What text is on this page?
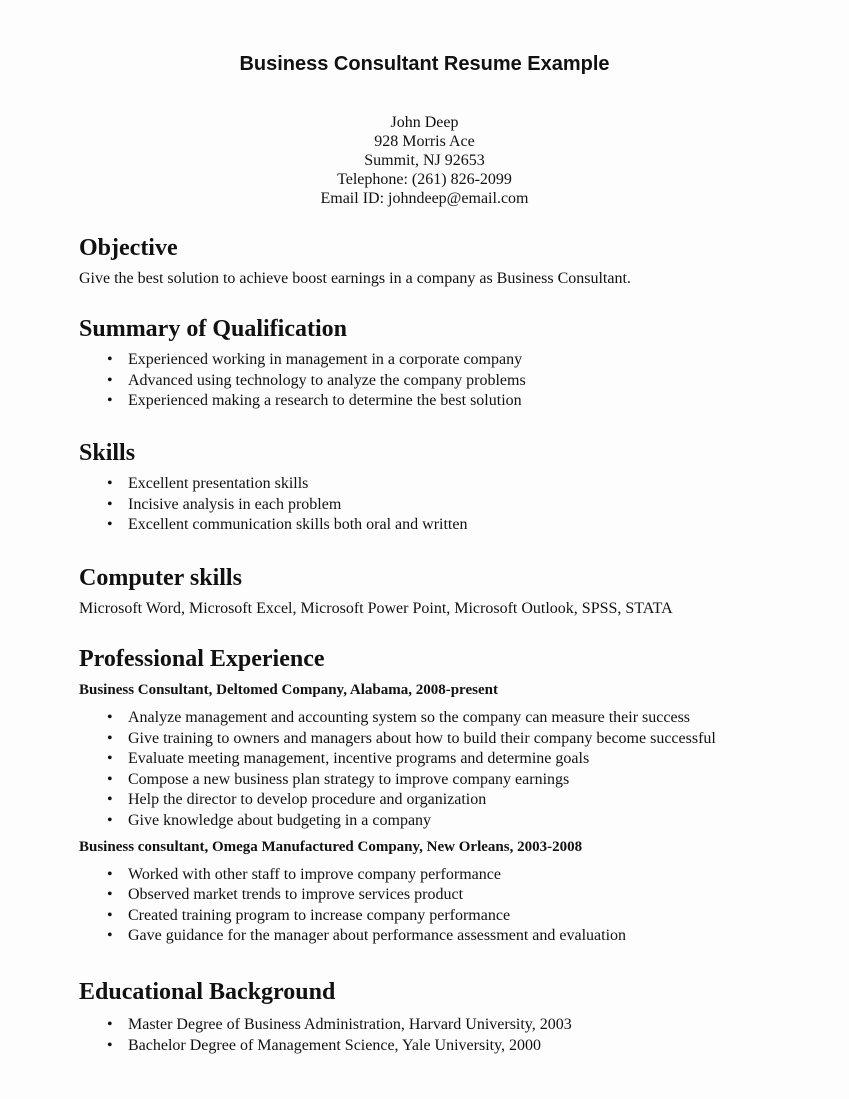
Business Consultant Resume Example
John Deep
928 Morris Ace
Summit, NJ 92653
Telephone: (261) 826-2099
Email ID: johndeep@email.com
Objective
Give the best solution to achieve boost earnings in a company as Business Consultant.
Summary of Qualification
• Experienced working in management in a corporate company
• Advanced using technology to analyze the company problems
• Experienced making a research to determine the best solution
Skills
• Excellent presentation skills
• Incisive analysis in each problem
• Excellent communication skills both oral and written
Computer skills
Microsoft Word, Microsoft Excel, Microsoft Power Point, Microsoft Outlook, SPSS, STATA
Professional Experience
Business Consultant, Deltomed Company, Alabama, 2008-present
• Analyze management and accounting system so the company can measure their success
• Give training to owners and managers about how to build their company become successful
• Evaluate meeting management, incentive programs and determine goals
• Compose a new business plan strategy to improve company earnings
• Help the director to develop procedure and organization
• Give knowledge about budgeting in a company
Business consultant, Omega Manufactured Company, New Orleans, 2003-2008
• Worked with other staff to improve company performance
• Observed market trends to improve services product
• Created training program to increase company performance
• Gave guidance for the manager about performance assessment and evaluation
Educational Background
• Master Degree of Business Administration, Harvard University, 2003
• Bachelor Degree of Management Science, Yale University, 2000
